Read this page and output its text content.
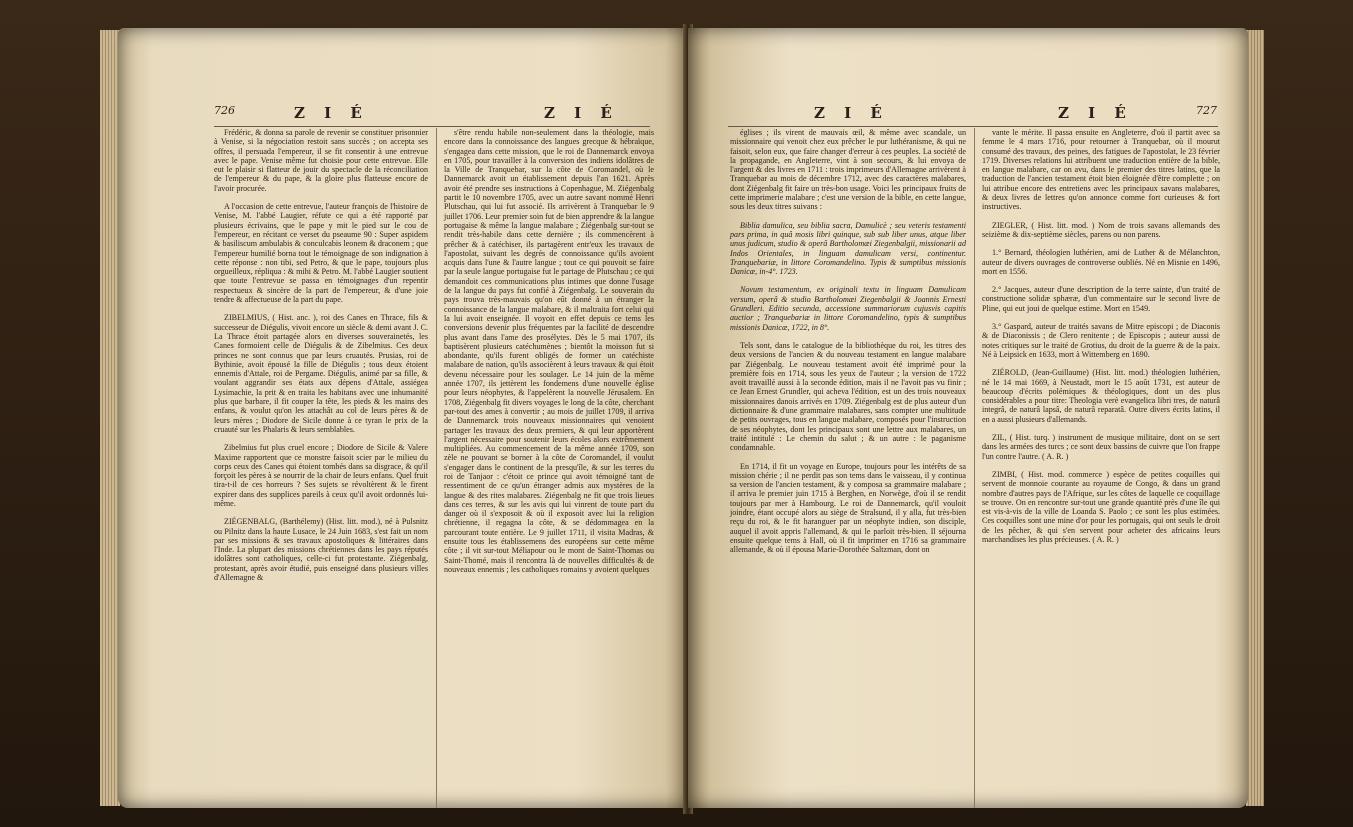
726	Z I É	Z I É

Frédéric, & donna sa parole de revenir se constituer prisonnier à Venise, si la négociation restoit sans succès ; on accepta ses offres, il persuada l'empereur, il se fit consentir à une entrevue avec le pape. Venise même fut choisie pour cette entrevue. Elle eut le plaisir si flatteur de jouir du spectacle de la réconciliation de l'empereur & du pape, & la gloire plus flatteuse encore de l'avoir procurée.

A l'occasion de cette entrevue, l'auteur françois de l'histoire de Venise, M. l'abbé Laugier, réfute ce qui a été rapporté par plusieurs écrivains, que le pape y mit le pied sur le cou de l'empereur, en récitant ce verset du pseaume 90 : Super aspidem & basiliscum ambulabis & conculcabis leonem & draconem ; que l'empereur humilié borna tout le témoignage de son indignation à cette réponse : non tibi, sed Petro, & que le pape, toujours plus orgueilleux, répliqua : & mihi & Petro. M. l'abbé Laugier soutient que toute l'entrevue se passa en témoignages d'un repentir respectueux & sincère de la part de l'empereur, & d'une joie tendre & affectueuse de la part du pape.

ZIBELMIUS, ( Hist. anc. ), roi des Canes en Thrace, fils & successeur de Diégulis, vivoit encore un siècle & demi avant J. C. La Thrace étoit partagée alors en diverses souverainetés, les Canes formoient celle de Diégulis & de Zibelmius. Ces deux princes ne sont connus que par leurs cruautés. Prusias, roi de Bythinie, avoit épousé la fille de Diégulis ; tous deux étoient ennemis d'Attale, roi de Pergame. Diégulis, animé par sa fille, & voulant aggrandir ses états aux dépens d'Attale, assiégea Lysimachie, la prit & en traita les habitans avec une inhumanité plus que barbare, il fit couper la tête, les pieds & les mains des enfans, & voulut qu'on les attachât au col de leurs pères & de leurs mères ; Diodore de Sicile donne à ce tyran le prix de la cruauté sur les Phalaris & leurs semblables.

Zibelmius fut plus cruel encore ; Diodore de Sicile & Valere Maxime rapportent que ce monstre faisoit scier par le milieu du corps ceux des Canes qui étoient tombés dans sa disgrace, & qu'il forçoit les pères à se nourrir de la chair de leurs enfans. Quel fruit tira-t-il de ces horreurs ? Ses sujets se révoltèrent & le firent expirer dans des supplices pareils à ceux qu'il avoit ordonnés lui-même.

ZIÉGENBALG, (Barthélemy) (Hist. litt. mod.), né à Pulsnitz ou Pilnitz dans la haute Lusace, le 24 Juin 1683, s'est fait un nom par ses missions & ses travaux apostoliques & littéraires dans l'Inde. La plupart des missions chrétiennes dans les pays réputés idolâtres sont catholiques, celle-ci fut protestante. Ziégenbalg, protestant, après avoir étudié, puis enseigné dans plusieurs villes d'Allemagne &

s'être rendu habile non-seulement dans la théologie, mais encore dans la connoissance des langues grecque & hébraïque, s'engagea dans cette mission, que le roi de Dannemarck envoya en 1705, pour travailler à la conversion des indiens idolâtres de la Ville de Tranquebar, sur la côte de Coromandel, où le Dannemarck avoit un établissement depuis l'an 1621. Après avoir été prendre ses instructions à Copenhague, M. Ziégenbalg partit le 10 novembre 1705, avec un autre savant nommé Henri Plutschau, qui lui fut associé. Ils arrivèrent à Tranquebar le 9 juillet 1706. Leur premier soin fut de bien apprendre & la langue portugaise & même la langue malabare ; Ziégenbalg sur-tout se rendit très-habile dans cette dernière ; ils commencèrent à prêcher & à catéchiser, ils partagèrent entr'eux les travaux de l'apostolat, suivant les degrés de connoissance qu'ils avoient acquis dans l'une & l'autre langue ; tout ce qui pouvoit se faire par la seule langue portugaise fut le partage de Plutschau ; ce qui demandoit ces communications plus intimes que donne l'usage de la langue du pays fut confié à Ziégenbalg. Le souverain du pays trouva très-mauvais qu'on eût donné à un étranger la connoissance de la langue malabare, & il maltraita fort celui qui la lui avoit enseignée. Il voyoit en effet depuis ce tems les conversions devenir plus fréquentes par la facilité de descendre plus avant dans l'ame des prosélytes. Dès le 5 mai 1707, ils baptisèrent plusieurs catéchumènes ; bientôt la moisson fut si abondante, qu'ils furent obligés de former un catéchiste malabare de nation, qu'ils associèrent à leurs travaux & qui étoit devenu nécessaire pour les soulager. Le 14 juin de la même année 1707, ils jettèrent les fondemens d'une nouvelle église pour leurs néophytes, & l'appelèrent la nouvelle Jérusalem. En 1708, Ziégenbalg fit divers voyages le long de la côte, cherchant par-tout des ames à convertir ; au mois de juillet 1709, il arriva de Dannemarck trois nouveaux missionnaires qui venoient partager les travaux des deux premiers, & qui leur apportèrent l'argent nécessaire pour soutenir leurs écoles alors extrêmement multipliées. Au commencement de la même année 1709, son zèle ne pouvant se borner à la côte de Coromandel, il voulut s'engager dans le continent de la presqu'île, & sur les terres du roi de Tanjaor : c'étoit ce prince qui avoit témoigné tant de ressentiment de ce qu'un étranger admis aux mystères de la langue & des rites malabares. Ziégenbalg ne fit que trois lieues dans ces terres, & sur les avis qui lui vinrent de toute part du danger où il s'exposoit & où il exposoit avec lui la religion chrétienne, il regagna la côte, & se dédommagea en la parcourant toute entière. Le 9 juillet 1711, il visita Madras, & ensuite tous les établissemens des européens sur cette même côte ; il vit sur-tout Méliapour ou le mont de Saint-Thomas ou Saint-Thomé, mais il rencontra là de nouvelles difficultés & de nouveaux ennemis ; les catholiques romains y avoient quelques

Z I É	Z I É	727

églises ; ils virent de mauvais œil, & même avec scandale, un missionnaire qui venoit chez eux prêcher le pur luthéranisme, & qui ne faisoit, selon eux, que faire changer d'erreur à ces peuples. La société de la propagande, en Angleterre, vint à son secours, & lui envoya de l'argent & des livres en 1711 : trois imprimeurs d'Allemagne arrivèrent à Tranquebar au mois de décembre 1712, avec des caractères malabares, dont Ziégenbalg fit faire un très-bon usage. Voici les principaux fruits de cette imprimerie malabare ; c'est une version de la bible, en cette langue, sous les deux titres suivans :

Biblia damulica, seu biblia sacra, Damulicè ; seu veteris testamenti pars prima, in quâ mosis libri quinque, sub sub liber unus, atque liber unus judicum, studio & operâ Bartholomæi Ziegenbalgii, missionarii ad Indos Orientales, in linguam damulicam versi, continentur. Tranquebariæ, in littore Coromandelino. Typis & sumptibus missionis Danicæ, in-4°. 1723.

Novum testamentum, ex originali textu in linguam Damulicam versum, operâ & studio Bartholomæi Ziegenbalgii & Joannis Ernesti Grundleri. Editio secunda, accessione summariorum cujusvis capitis auctior ; Tranquebariæ in littore Coromandelino, typis & sumptibus missionis Danicæ, 1722, in 8°.

Tels sont, dans le catalogue de la bibliothèque du roi, les titres des deux versions de l'ancien & du nouveau testament en langue malabare par Ziégenbalg. Le nouveau testament avoit été imprimé pour la première fois en 1714, sous les yeux de l'auteur ; la version de 1722 avoit travaillé aussi à la seconde édition, mais il ne l'avoit pas vu finir ; ce Jean Ernest Grundler, qui acheva l'édition, est un des trois nouveaux missionnaires danois arrivés en 1709. Ziégenbalg est de plus auteur d'un dictionnaire & d'une grammaire malabares, sans compter une multitude de petits ouvrages, tous en langue malabare, composés pour l'instruction de ses néophytes, dont les principaux sont une lettre aux malabares, un traité intitulé : Le chemin du salut ; & un autre : le paganisme condamnable.

En 1714, il fit un voyage en Europe, toujours pour les intérêts de sa mission chérie ; il ne perdit pas son tems dans le vaisseau, il y continua sa version de l'ancien testament, & y composa sa grammaire malabare ; il arriva le premier juin 1715 à Berghen, en Norwège, d'où il se rendit toujours par mer à Hambourg. Le roi de Dannemarck, qu'il vouloit joindre, étant occupé alors au siège de Stralsund, il y alla, fut très-bien reçu du roi, & le fit haranguer par un néophyte indien, son disciple, auquel il avoit appris l'allemand, & qui le parloit très-bien. Il séjourna ensuite quelque tems à Hall, où il fit imprimer en 1716 sa grammaire allemande, & où il épousa Marie-Dorothée Saltzman, dont on

vante le mérite. Il passa ensuite en Angleterre, d'où il partit avec sa femme le 4 mars 1716, pour retourner à Tranquebar, où il mourut consumé des travaux, des peines, des fatigues de l'apostolat, le 23 février 1719. Diverses relations lui attribuent une traduction entière de la bible, en langue malabare, car on avu, dans le premier des titres latins, que la traduction de l'ancien testament étoit bien éloignée d'être complette ; on lui attribue encore des entretiens avec les principaux savans malabares, & deux livres de lettres qu'on annonce comme fort curieuses & fort instructives.

ZIEGLER, ( Hist. litt. mod. ) Nom de trois savans allemands des seizième & dix-septième siècles, parens ou non parens.

1.° Bernard, théologien luthérien, ami de Luther & de Mélanchton, auteur de divers ouvrages de controverse oubliés. Né en Misnie en 1496, mort en 1556.

2.° Jacques, auteur d'une description de la terre sainte, d'un traité de constructione solidæ sphæræ, d'un commentaire sur le second livre de Pline, qui eut joui de quelque estime. Mort en 1549.

3.° Gaspard, auteur de traités savans de Mitre episcopi ; de Diaconis & de Diaconissis ; de Clero renitente ; de Episcopis ; auteur aussi de notes critiques sur le traité de Grotius, du droit de la guerre & de la paix. Né à Leipsick en 1633, mort à Wittemberg en 1690.

ZIÉROLD, (Jean-Guillaume) (Hist. litt. mod.) théologien luthérien, né le 14 mai 1669, à Neustadt, mort le 15 août 1731, est auteur de beaucoup d'écrits polémiques & théologiques, dont un des plus considérables a pour titre: Theologia verè evangelica libri tres, de naturâ integrâ, de naturâ lapsâ, de naturâ reparatâ. Outre divers écrits latins, il en a aussi plusieurs d'allemands.

ZIL, ( Hist. turq. ) instrument de musique militaire, dont on se sert dans les armées des turcs ; ce sont deux bassins de cuivre que l'on frappe l'un contre l'autre. ( A. R. )

ZIMBI, ( Hist. mod. commerce ) espèce de petites coquilles qui servent de monnoie courante au royaume de Congo, & dans un grand nombre d'autres pays de l'Afrique, sur les côtes de laquelle ce coquillage se trouve. On en rencontre sur-tout une grande quantité près d'une île qui est vis-à-vis de la ville de Loanda S. Paolo ; ce sont les plus estimées. Ces coquilles sont une mine d'or pour les portugais, qui ont seuls le droit de les pêcher, & qui s'en servent pour acheter des africains leurs marchandises les plus précieuses. ( A. R. )
